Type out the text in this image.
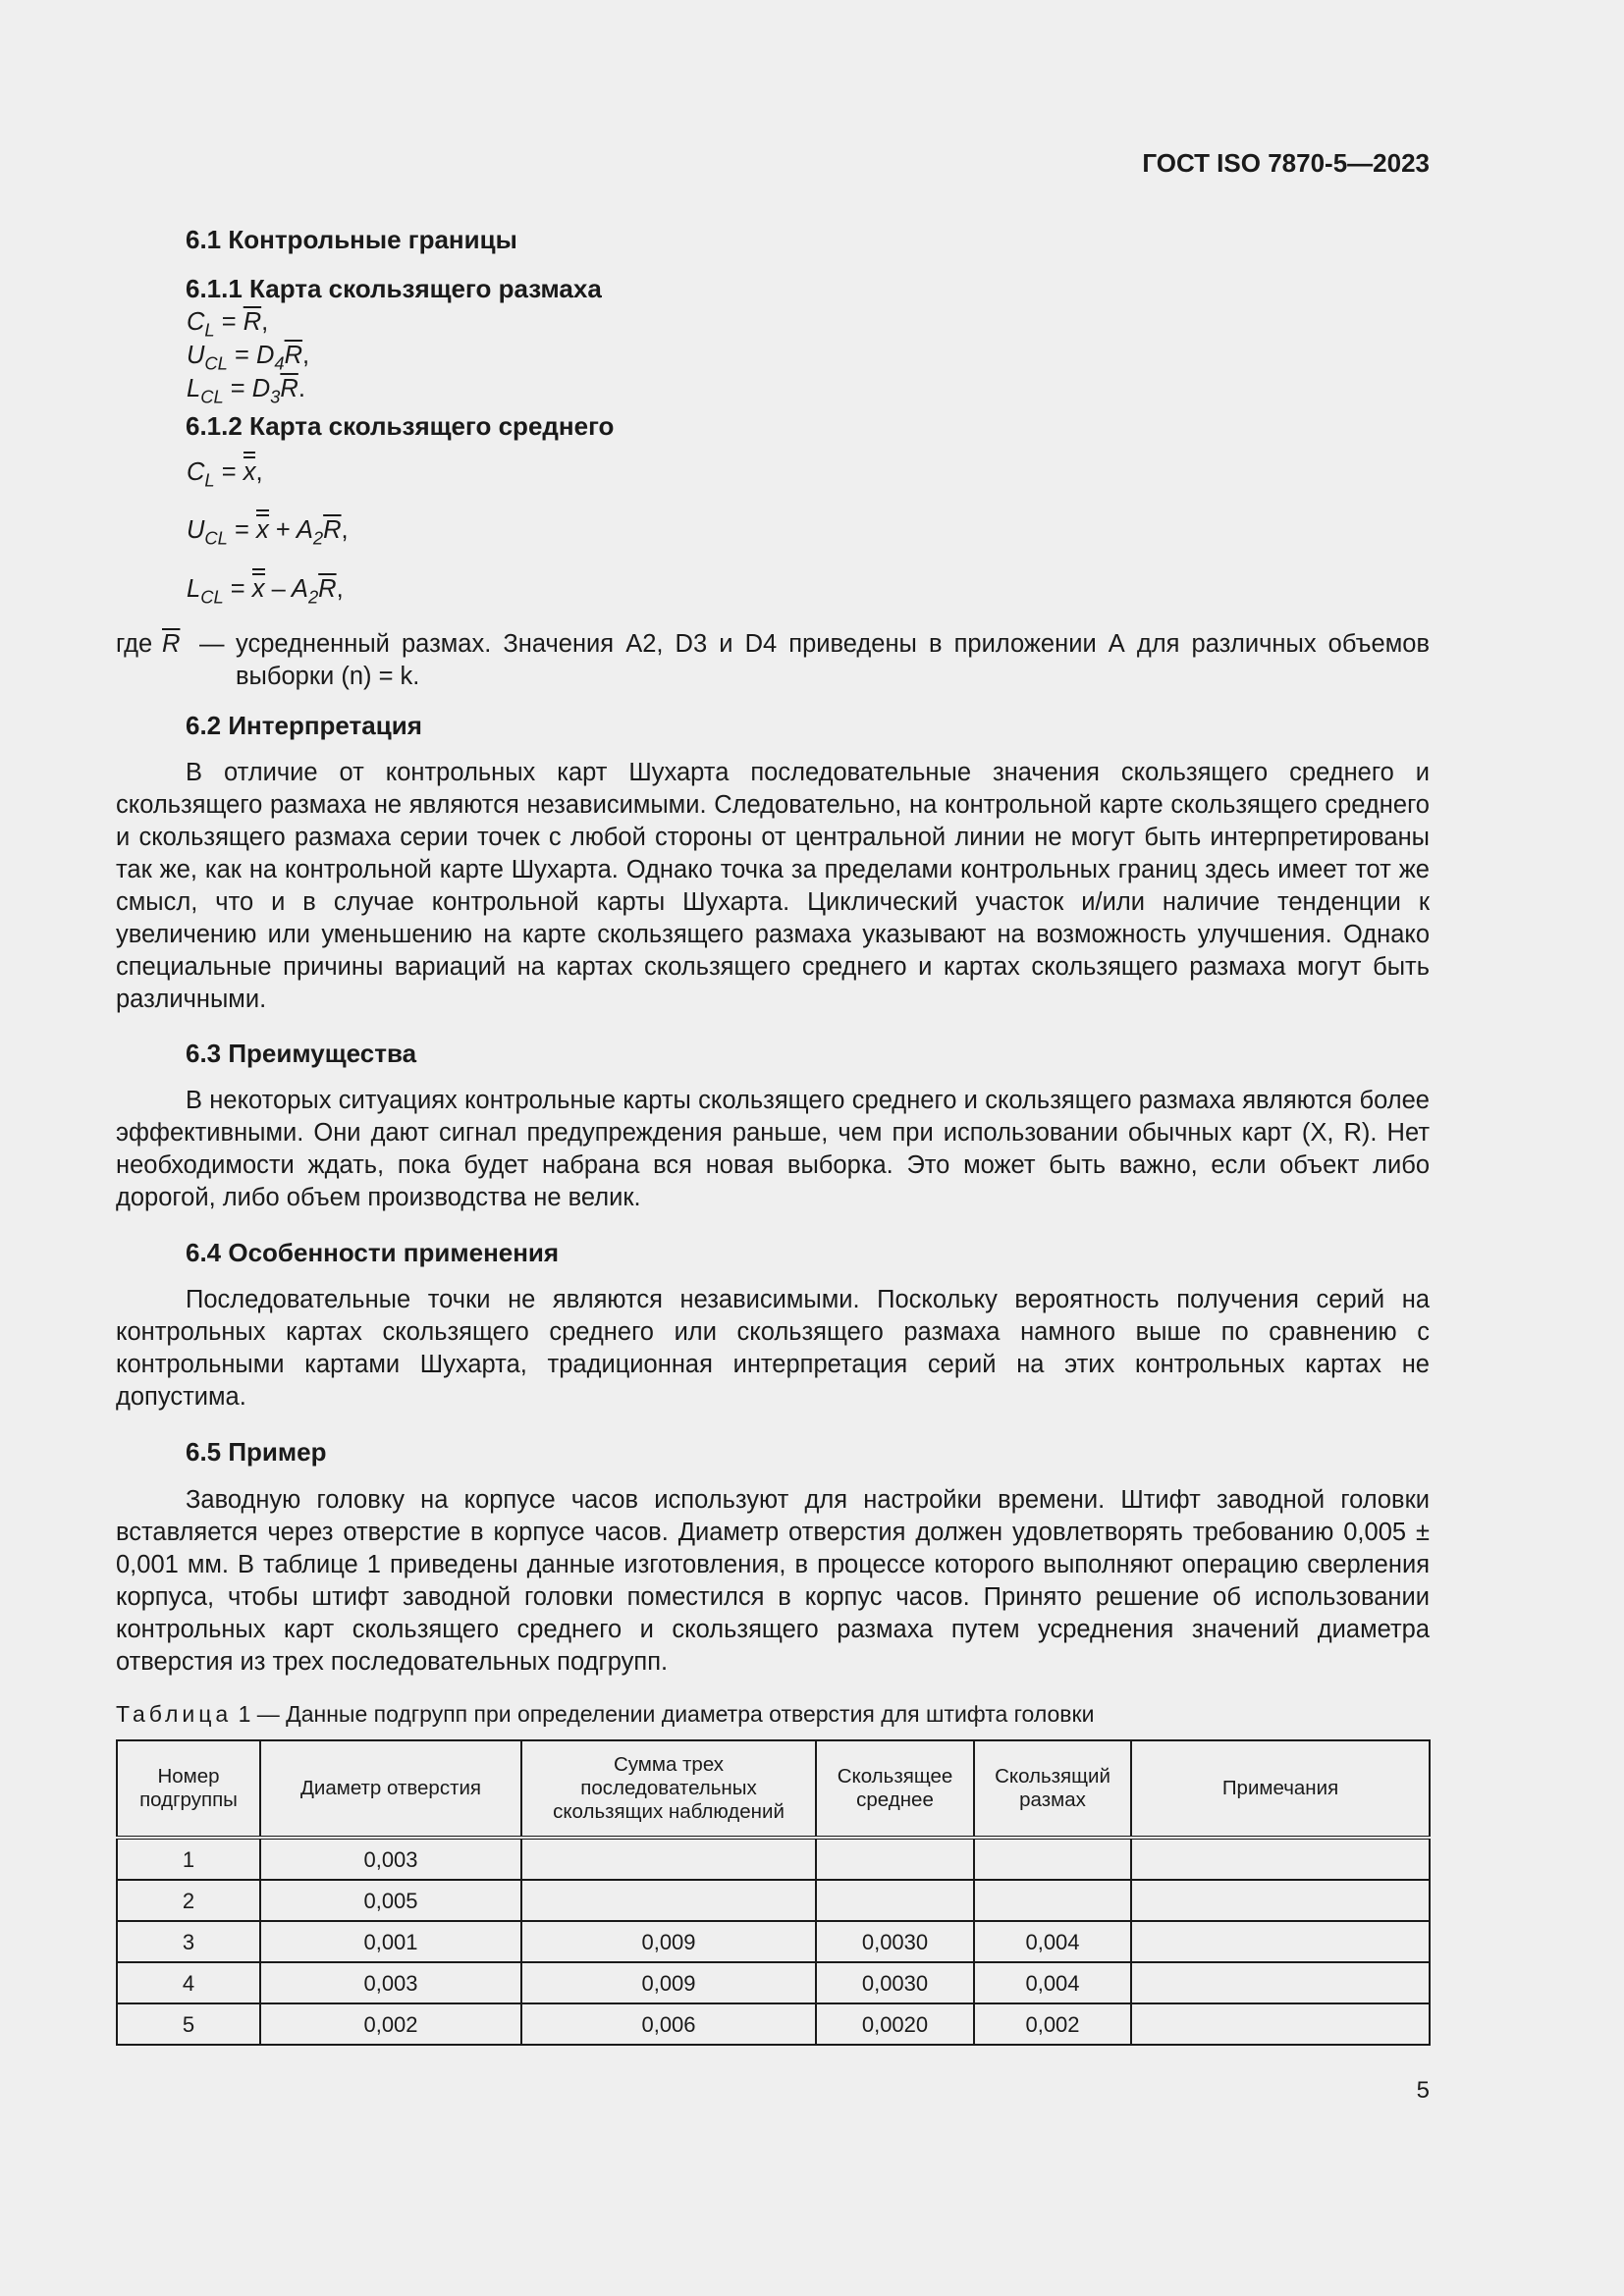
ГОСТ ISO 7870-5—2023
6.1 Контрольные границы
6.1.1 Карта скользящего размаха
$C_L = \overline{R}$,
$U_{CL} = D_4\overline{R}$,
$L_{CL} = D_3\overline{R}$.
6.1.2 Карта скользящего среднего
$C_L = x$,
$U_{CL} = x + A_2\overline{R}$,
$L_{CL} = x - A_2\overline{R}$,
где $\overline{R}$ — усредненный размах. Значения A2, D3 и D4 приведены в приложении А для различных объемов выборки (n) = k.
6.2 Интерпретация

В отличие от контрольных карт Шухарта последовательные значения скользящего среднего и скользящего размаха не являются независимыми. Следовательно, на контрольной карте скользящего среднего и скользящего размаха серии точек с любой стороны от центральной линии не могут быть интерпретированы так же, как на контрольной карте Шухарта. Однако точка за пределами контрольных границ здесь имеет тот же смысл, что и в случае контрольной карты Шухарта. Циклический участок и/или наличие тенденции к увеличению или уменьшению на карте скользящего размаха указывают на возможность улучшения. Однако специальные причины вариаций на картах скользящего среднего и картах скользящего размаха могут быть различными.

6.3 Преимущества

В некоторых ситуациях контрольные карты скользящего среднего и скользящего размаха являются более эффективными. Они дают сигнал предупреждения раньше, чем при использовании обычных карт (X, R). Нет необходимости ждать, пока будет набрана вся новая выборка. Это может быть важно, если объект либо дорогой, либо объем производства не велик.

6.4 Особенности применения

Последовательные точки не являются независимыми. Поскольку вероятность получения серий на контрольных картах скользящего среднего или скользящего размаха намного выше по сравнению с контрольными картами Шухарта, традиционная интерпретация серий на этих контрольных картах не допустима.

6.5 Пример

Заводную головку на корпусе часов используют для настройки времени. Штифт заводной головки вставляется через отверстие в корпусе часов. Диаметр отверстия должен удовлетворять требованию 0,005 ± 0,001 мм. В таблице 1 приведены данные изготовления, в процессе которого выполняют операцию сверления корпуса, чтобы штифт заводной головки поместился в корпус часов. Принято решение об использовании контрольных карт скользящего среднего и скользящего размаха путем усреднения значений диаметра отверстия из трех последовательных подгрупп.

Таблица 1 — Данные подгрупп при определении диаметра отверстия для штифта головки
Номер подгруппы	Диаметр отверстия	Сумма трех последовательных скользящих наблюдений	Скользящее среднее	Скользящий размах	Примечания
1	0,003				
2	0,005				
3	0,001	0,009	0,0030	0,004	
4	0,003	0,009	0,0030	0,004	
5	0,002	0,006	0,0020	0,002	
5
